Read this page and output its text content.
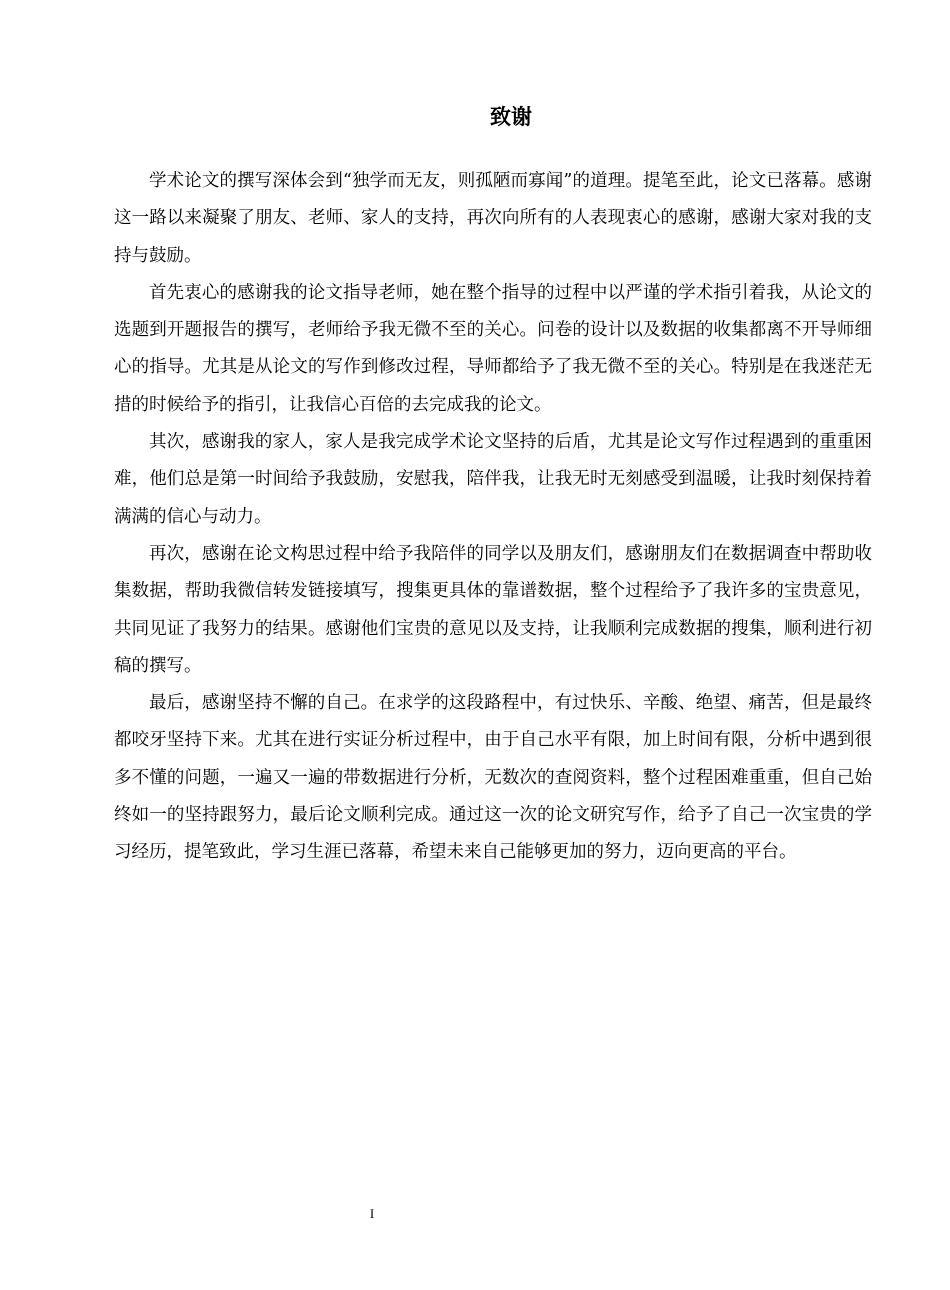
致谢

学术论文的撰写深体会到“独学而无友，则孤陋而寡闻”的道理。提笔至此，论文已落幕。感谢这一路以来凝聚了朋友、老师、家人的支持，再次向所有的人表现衷心的感谢，感谢大家对我的支持与鼓励。

首先衷心的感谢我的论文指导老师，她在整个指导的过程中以严谨的学术指引着我，从论文的选题到开题报告的撰写，老师给予我无微不至的关心。问卷的设计以及数据的收集都离不开导师细心的指导。尤其是从论文的写作到修改过程，导师都给予了我无微不至的关心。特别是在我迷茫无措的时候给予的指引，让我信心百倍的去完成我的论文。

其次，感谢我的家人，家人是我完成学术论文坚持的后盾，尤其是论文写作过程遇到的重重困难，他们总是第一时间给予我鼓励，安慰我，陪伴我，让我无时无刻感受到温暖，让我时刻保持着满满的信心与动力。

再次，感谢在论文构思过程中给予我陪伴的同学以及朋友们，感谢朋友们在数据调查中帮助收集数据，帮助我微信转发链接填写，搜集更具体的靠谱数据，整个过程给予了我许多的宝贵意见，共同见证了我努力的结果。感谢他们宝贵的意见以及支持，让我顺利完成数据的搜集，顺利进行初稿的撰写。

最后，感谢坚持不懈的自己。在求学的这段路程中，有过快乐、辛酸、绝望、痛苦，但是最终都咬牙坚持下来。尤其在进行实证分析过程中，由于自己水平有限，加上时间有限，分析中遇到很多不懂的问题，一遍又一遍的带数据进行分析，无数次的查阅资料，整个过程困难重重，但自己始终如一的坚持跟努力，最后论文顺利完成。通过这一次的论文研究写作，给予了自己一次宝贵的学习经历，提笔致此，学习生涯已落幕，希望未来自己能够更加的努力，迈向更高的平台。

I
